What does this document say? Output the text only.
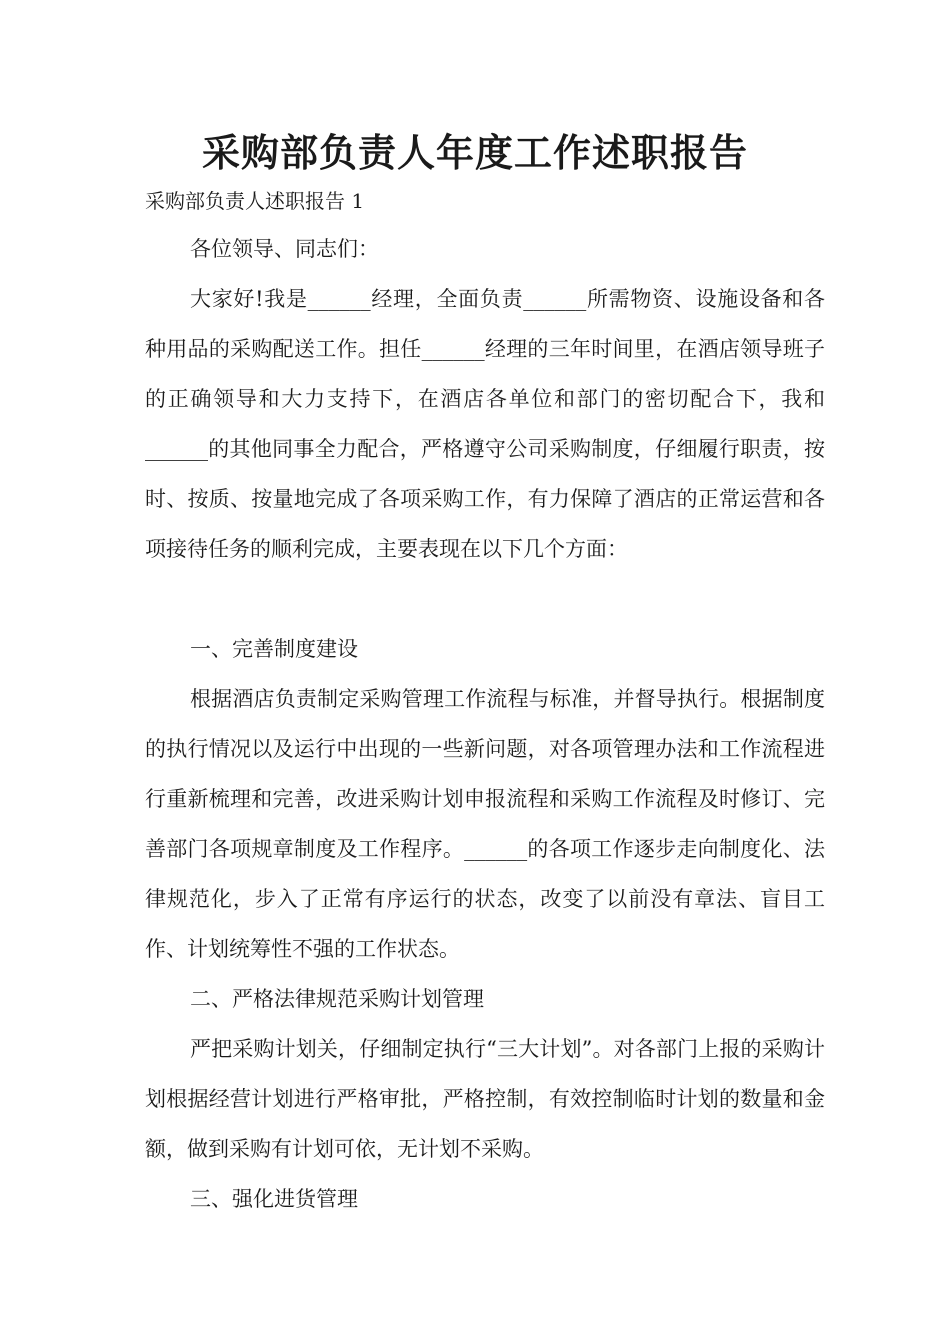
采购部负责人年度工作述职报告
采购部负责人述职报告 1

各位领导、同志们：

大家好!我是______经理，全面负责______所需物资、设施设备和各种用品的采购配送工作。担任______经理的三年时间里，在酒店领导班子的正确领导和大力支持下，在酒店各单位和部门的密切配合下，我和______的其他同事全力配合，严格遵守公司采购制度，仔细履行职责，按时、按质、按量地完成了各项采购工作，有力保障了酒店的正常运营和各项接待任务的顺利完成，主要表现在以下几个方面：

一、完善制度建设

根据酒店负责制定采购管理工作流程与标准，并督导执行。根据制度的执行情况以及运行中出现的一些新问题，对各项管理办法和工作流程进行重新梳理和完善，改进采购计划申报流程和采购工作流程及时修订、完善部门各项规章制度及工作程序。______的各项工作逐步走向制度化、法律规范化，步入了正常有序运行的状态，改变了以前没有章法、盲目工作、计划统筹性不强的工作状态。

二、严格法律规范采购计划管理

严把采购计划关，仔细制定执行“三大计划”。对各部门上报的采购计划根据经营计划进行严格审批，严格控制，有效控制临时计划的数量和金额，做到采购有计划可依，无计划不采购。

三、强化进货管理
